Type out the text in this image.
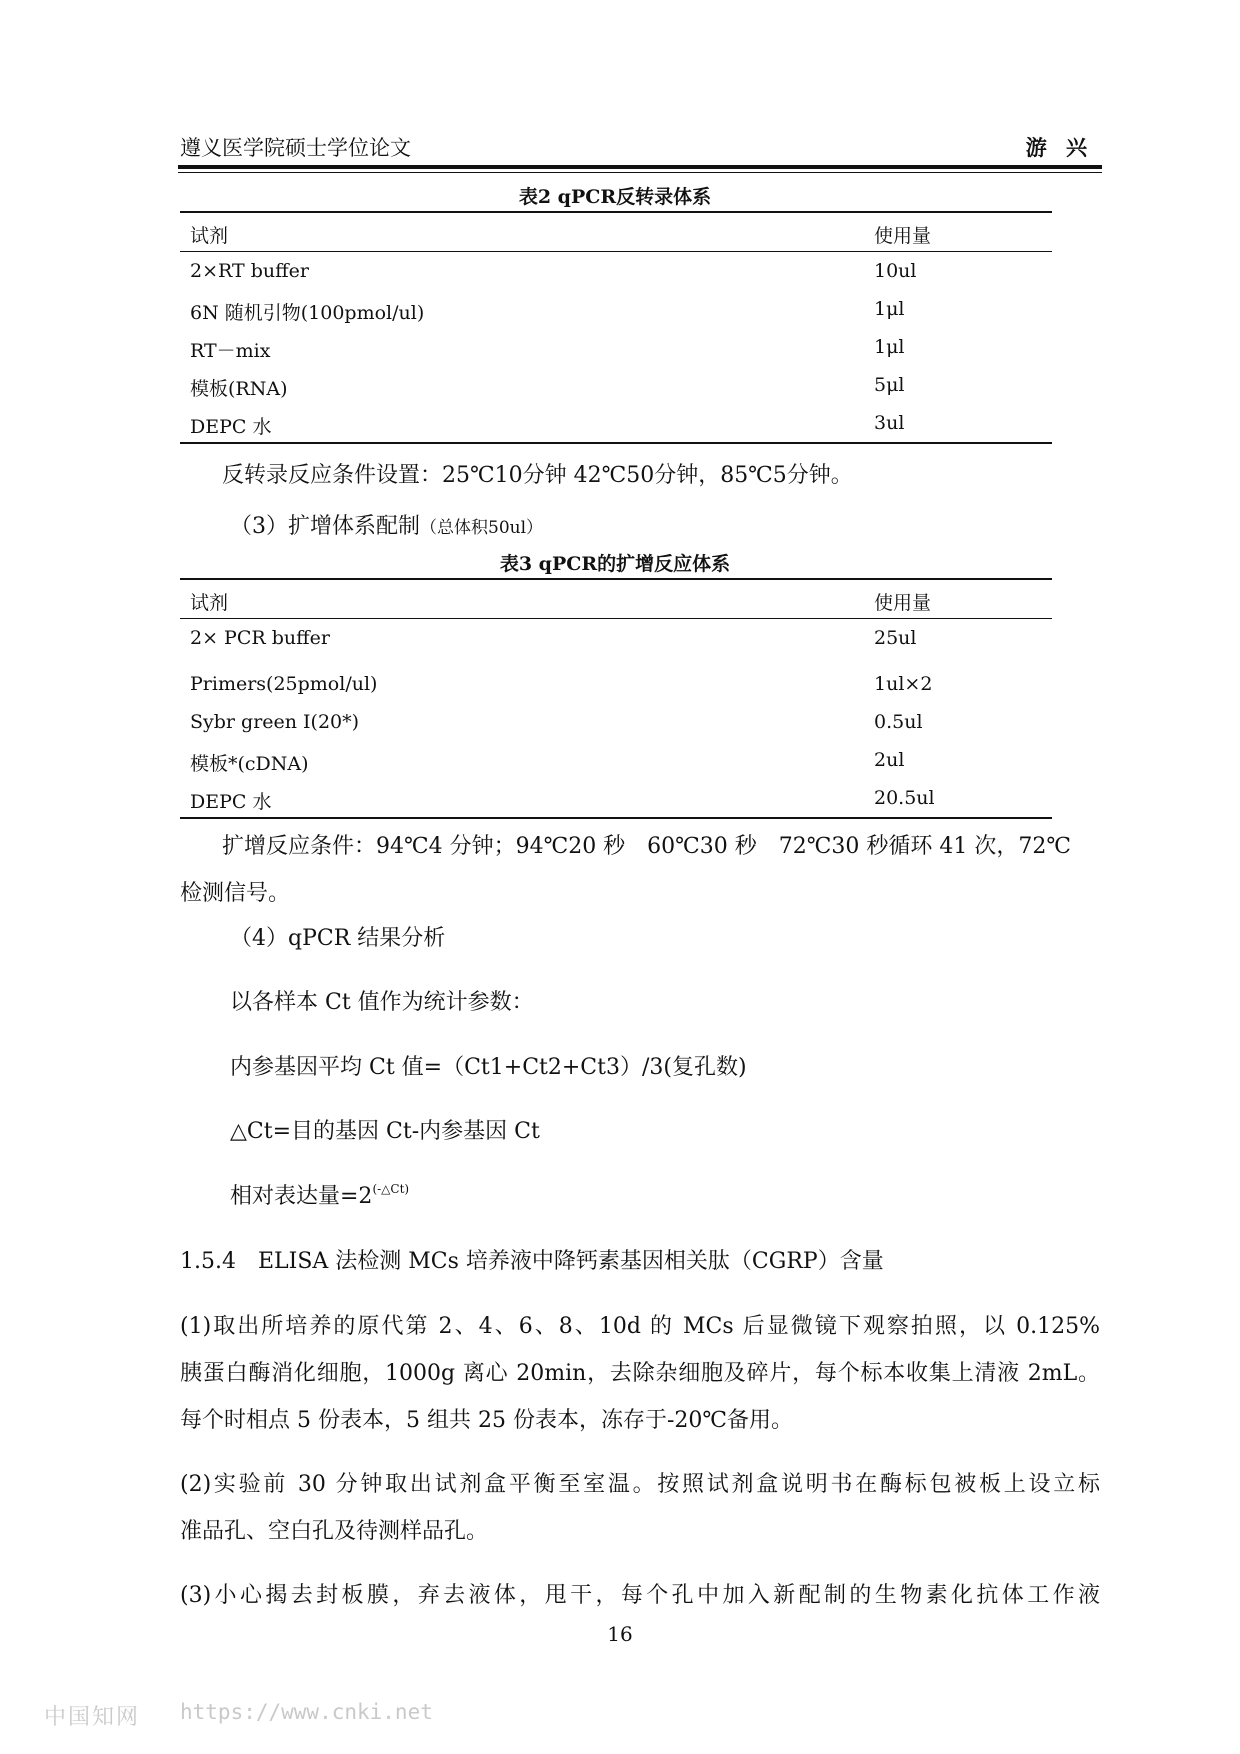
遵义医学院硕士学位论文	游 兴
表2 qPCR反转录体系
试剂	使用量
2×RT buffer	10ul
6N 随机引物(100pmol/ul)	1μl
RT－mix	1μl
模板(RNA)	5μl
DEPC 水	3ul
反转录反应条件设置：25℃10分钟 42℃50分钟，85℃5分钟。
（3）扩增体系配制（总体积50ul）
表3 qPCR的扩增反应体系
试剂	使用量
2× PCR buffer	25ul
Primers(25pmol/ul)	1ul×2
Sybr green I(20*)	0.5ul
模板*(cDNA)	2ul
DEPC 水	20.5ul
扩增反应条件：94℃4 分钟；94℃20 秒　60℃30 秒　72℃30 秒循环 41 次，72℃
检测信号。
（4）qPCR 结果分析
以各样本 Ct 值作为统计参数：
内参基因平均 Ct 值=（Ct1+Ct2+Ct3）/3(复孔数)
△Ct=目的基因 Ct-内参基因 Ct
相对表达量$=2^{(-\triangle Ct)}$
1.5.4　ELISA 法检测 MCs 培养液中降钙素基因相关肽（CGRP）含量
(1)取出所培养的原代第 2、4、6、8、10d 的 MCs 后显微镜下观察拍照，以 0.125%
胰蛋白酶消化细胞，1000g 离心 20min，去除杂细胞及碎片，每个标本收集上清液 2mL。
每个时相点 5 份表本，5 组共 25 份表本，冻存于-20℃备用。
(2)实验前 30 分钟取出试剂盒平衡至室温。按照试剂盒说明书在酶标包被板上设立标
准品孔、空白孔及待测样品孔。
(3)小心揭去封板膜，弃去液体，甩干，每个孔中加入新配制的生物素化抗体工作液
16
中国知网 https://www.cnki.net
